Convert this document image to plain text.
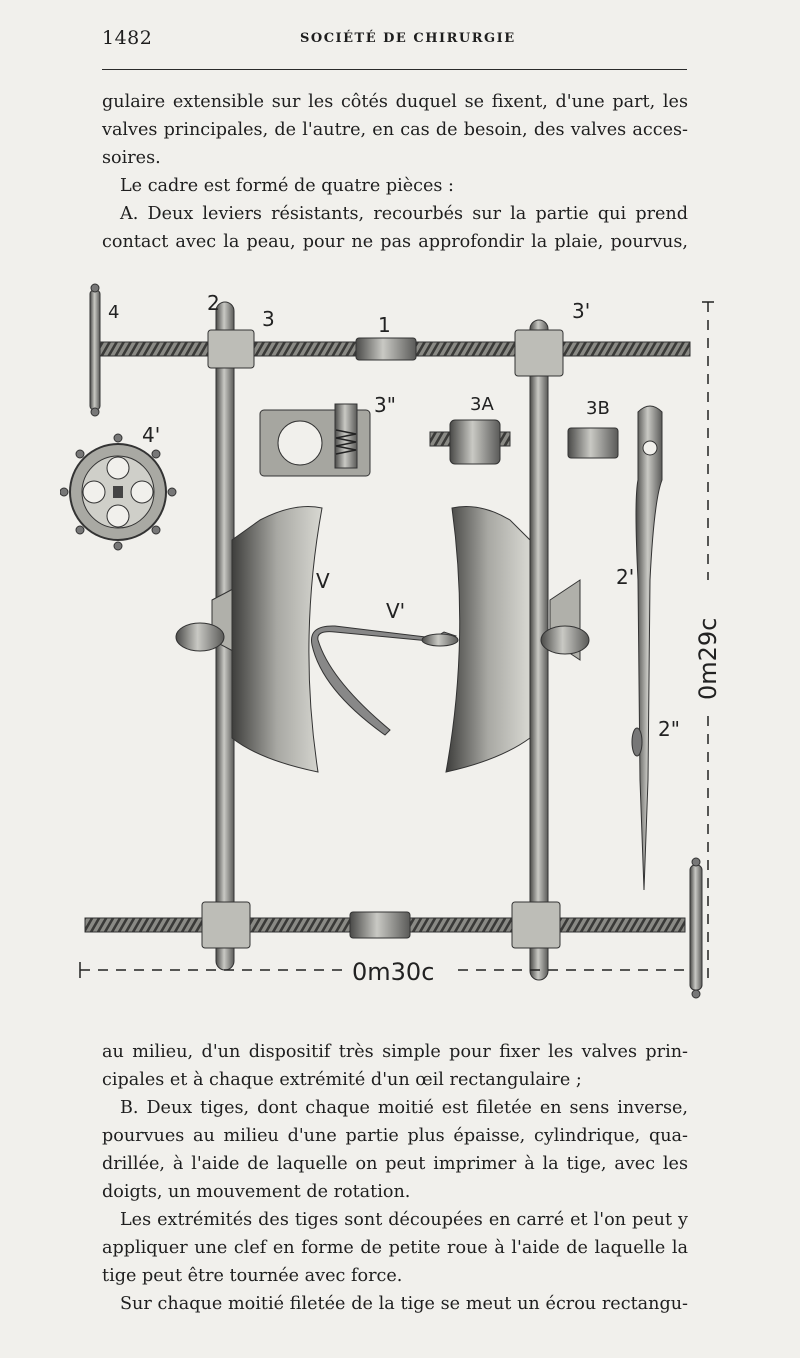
1482	SOCIÉTÉ DE CHIRURGIE

gulaire extensible sur les côtés duquel se fixent, d'une part, les

valves principales, de l'autre, en cas de besoin, des valves acces-

soires.

Le cadre est formé de quatre pièces :

A. Deux leviers résistants, recourbés sur la partie qui prend

contact avec la peau, pour ne pas approfondir la plaie, pourvus,

4	2
3	1
3'
4'
3"	3A	3B
V
V'
2'
2"
0m30c
0m29c

au milieu, d'un dispositif très simple pour fixer les valves prin-

cipales et à chaque extrémité d'un œil rectangulaire ;

B. Deux tiges, dont chaque moitié est filetée en sens inverse,

pourvues au milieu d'une partie plus épaisse, cylindrique, qua-

drillée, à l'aide de laquelle on peut imprimer à la tige, avec les

doigts, un mouvement de rotation.

Les extrémités des tiges sont découpées en carré et l'on peut y

appliquer une clef en forme de petite roue à l'aide de laquelle la

tige peut être tournée avec force.

Sur chaque moitié filetée de la tige se meut un écrou rectangu-
